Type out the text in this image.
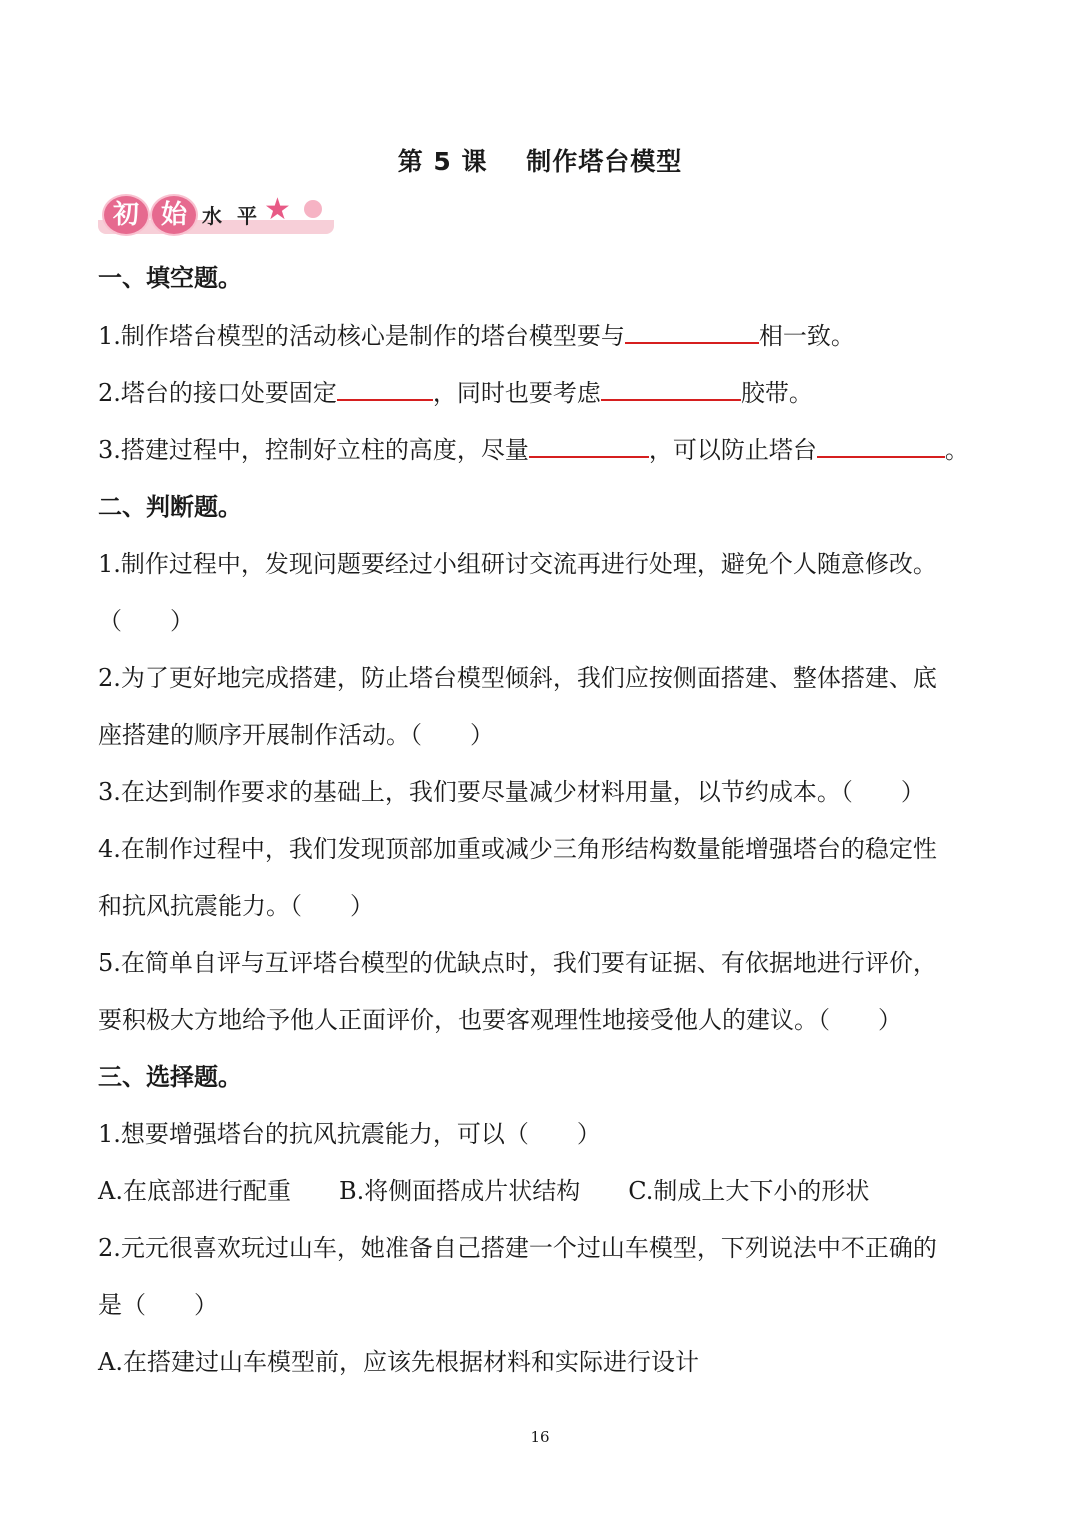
第 5 课    制作塔台模型
初 始 水 平 ★
一、填空题。
1.制作塔台模型的活动核心是制作的塔台模型要与	相一致。
2.塔台的接口处要固定	，同时也要考虑	胶带。
3.搭建过程中，控制好立柱的高度，尽量	，可以防止塔台	。
二、判断题。
1.制作过程中，发现问题要经过小组研讨交流再进行处理，避免个人随意修改。
（　　）
2.为了更好地完成搭建，防止塔台模型倾斜，我们应按侧面搭建、整体搭建、底
座搭建的顺序开展制作活动。（　　）
3.在达到制作要求的基础上，我们要尽量减少材料用量，以节约成本。（　　）
4.在制作过程中，我们发现顶部加重或减少三角形结构数量能增强塔台的稳定性
和抗风抗震能力。（　　）
5.在简单自评与互评塔台模型的优缺点时，我们要有证据、有依据地进行评价，
要积极大方地给予他人正面评价，也要客观理性地接受他人的建议。（　　）
三、选择题。
1.想要增强塔台的抗风抗震能力，可以（　　）
A.在底部进行配重　　B.将侧面搭成片状结构　　C.制成上大下小的形状
2.元元很喜欢玩过山车，她准备自己搭建一个过山车模型，下列说法中不正确的
是（　　）
A.在搭建过山车模型前，应该先根据材料和实际进行设计
16
